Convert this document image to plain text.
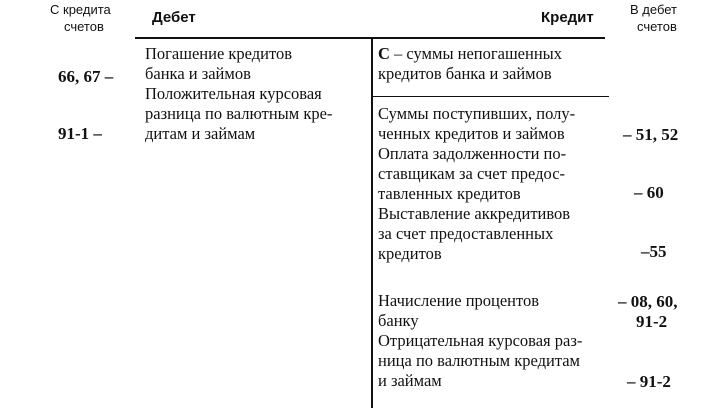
С кредита
счетов
Дебет	Кредит	В дебет
счетов
66, 67 –
91-1 –
Погашение кредитов
банка и займов
Положительная курсовая
разница по валютным кре-
дитам и займам
С – суммы непогашенных
кредитов банка и займов
Суммы поступивших, полу-
ченных кредитов и займов
Оплата задолженности по-
ставщикам за счет предос-
тавленных кредитов
Выставление аккредитивов
за счет предоставленных
кредитов
Начисление процентов
банку
Отрицательная курсовая раз-
ница по валютным кредитам
и займам
– 51, 52
– 60
–55
– 08, 60,
91-2
– 91-2
